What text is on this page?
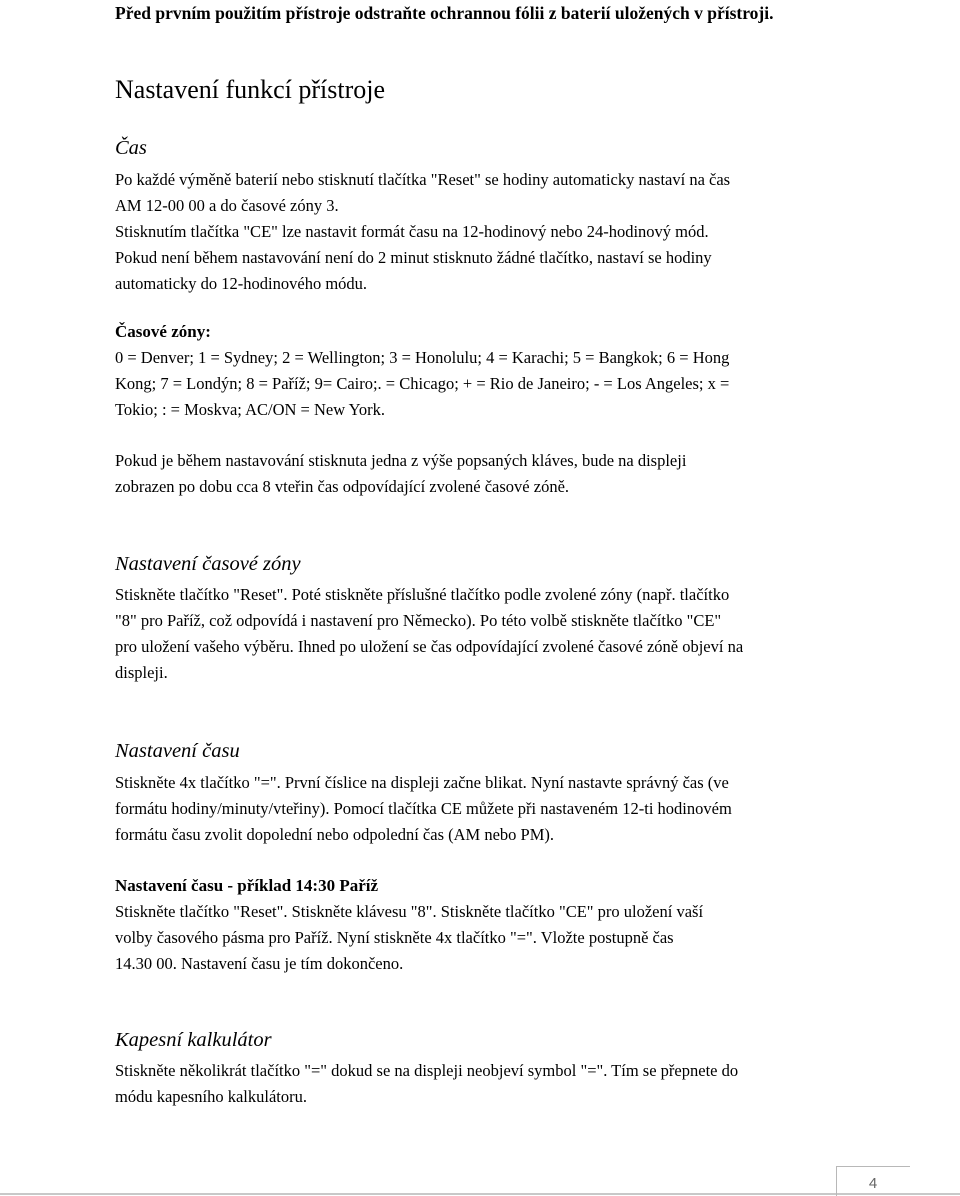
Před prvním použitím přístroje odstraňte ochrannou fólii z baterií uložených v přístroji.
Nastavení funkcí přístroje
Čas
Po každé výměně baterií nebo stisknutí tlačítka "Reset" se hodiny automaticky nastaví na čas
AM 12-00 00 a do časové zóny 3.
Stisknutím tlačítka "CE" lze nastavit formát času na 12-hodinový nebo 24-hodinový mód.
Pokud není během nastavování není do 2 minut stisknuto žádné tlačítko, nastaví se hodiny
automaticky do 12-hodinového módu.
Časové zóny:
0 = Denver; 1 = Sydney; 2 = Wellington; 3 = Honolulu; 4 = Karachi; 5 = Bangkok; 6 = Hong
Kong; 7 = Londýn; 8 = Paříž; 9= Cairo;. = Chicago; + = Rio de Janeiro; - = Los Angeles; x =
Tokio; : = Moskva; AC/ON = New York.
Pokud je během nastavování stisknuta jedna z výše popsaných kláves, bude na displeji
zobrazen po dobu cca 8 vteřin čas odpovídající zvolené časové zóně.
Nastavení časové zóny
Stiskněte tlačítko "Reset". Poté stiskněte příslušné tlačítko podle zvolené zóny (např. tlačítko
"8" pro Paříž, což odpovídá i nastavení pro Německo). Po této volbě stiskněte tlačítko "CE"
pro uložení vašeho výběru. Ihned po uložení se čas odpovídající zvolené časové zóně objeví na
displeji.
Nastavení času
Stiskněte 4x tlačítko "=". První číslice na displeji začne blikat. Nyní nastavte správný čas (ve
formátu hodiny/minuty/vteřiny). Pomocí tlačítka CE můžete při nastaveném 12-ti hodinovém
formátu času zvolit dopolední nebo odpolední čas (AM nebo PM).
Nastavení času - příklad 14:30 Paříž
Stiskněte tlačítko "Reset". Stiskněte klávesu "8". Stiskněte tlačítko "CE" pro uložení vaší
volby časového pásma pro Paříž. Nyní stiskněte 4x tlačítko "=". Vložte postupně čas
14.30 00. Nastavení času je tím dokončeno.
Kapesní kalkulátor
Stiskněte několikrát tlačítko "=" dokud se na displeji neobjeví symbol "=". Tím se přepnete do
módu kapesního kalkulátoru.
4
